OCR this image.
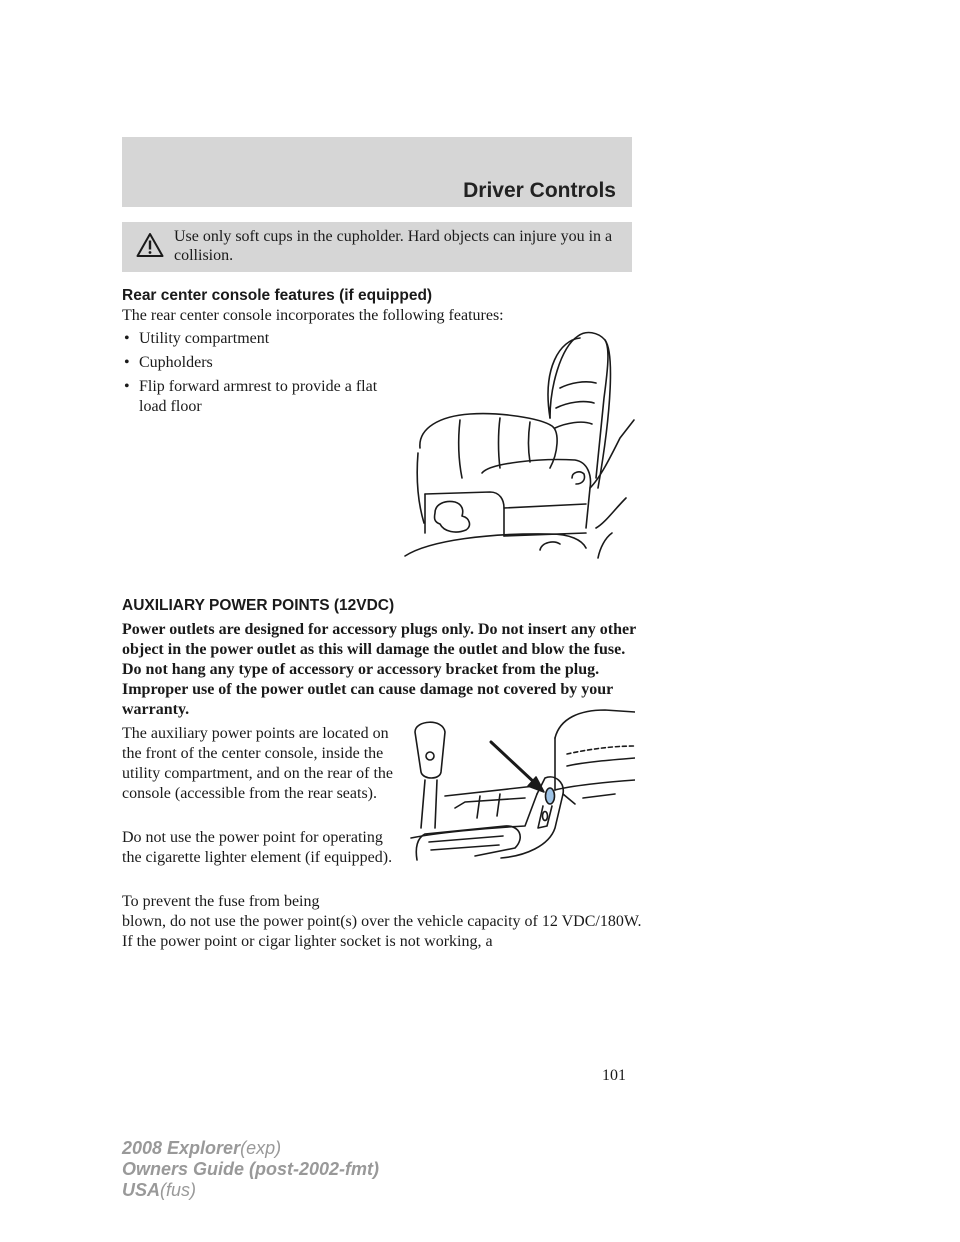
Driver Controls
Use only soft cups in the cupholder. Hard objects can injure you in a collision.
Rear center console features (if equipped)
The rear center console incorporates the following features:
• Utility compartment
• Cupholders
• Flip forward armrest to provide a flat load floor
AUXILIARY POWER POINTS (12VDC)
Power outlets are designed for accessory plugs only. Do not insert any other object in the power outlet as this will damage the outlet and blow the fuse. Do not hang any type of accessory or accessory bracket from the plug. Improper use of the power outlet can cause damage not covered by your warranty.

The auxiliary power points are located on the front of the center console, inside the utility compartment, and on the rear of the console (accessible from the rear seats).

Do not use the power point for operating the cigarette lighter element (if equipped).

To prevent the fuse from being

blown, do not use the power point(s) over the vehicle capacity of 12 VDC/180W. If the power point or cigar lighter socket is not working, a
101
2008 Explorer(exp)
Owners Guide (post-2002-fmt)
USA(fus)
